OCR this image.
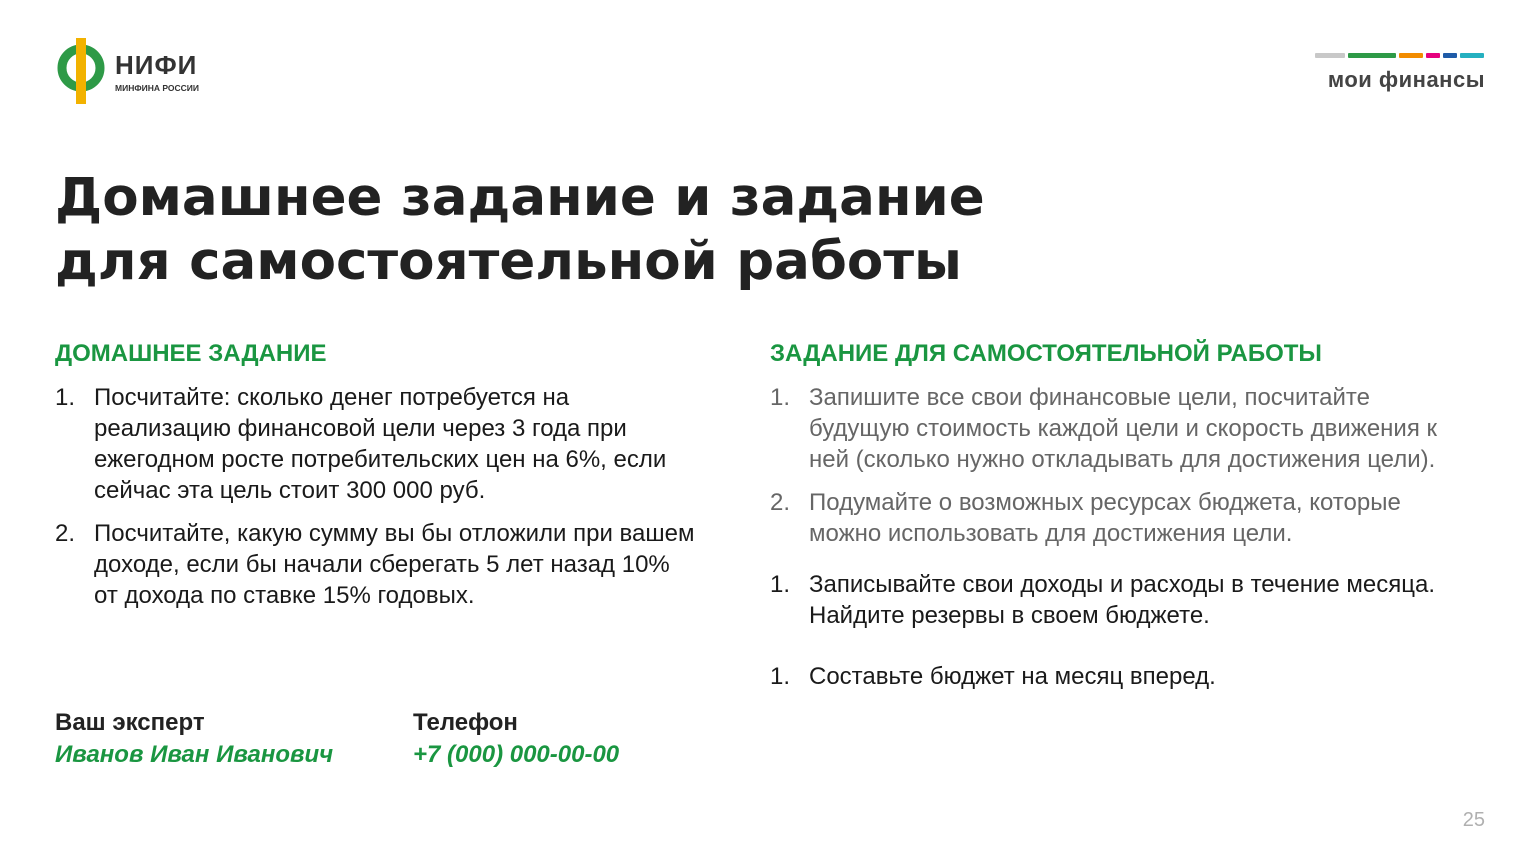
НИФИ
МИНФИНА РОССИИ	мои финансы
Домашнее задание и задание
для самостоятельной работы
ДОМАШНЕЕ ЗАДАНИЕ
1. Посчитайте: сколько денег потребуется на реализацию финансовой цели через 3 года при ежегодном росте потребительских цен на 6%, если сейчас эта цель стоит 300 000 руб.
2. Посчитайте, какую сумму вы бы отложили при вашем доходе, если бы начали сберегать 5 лет назад 10% от дохода по ставке 15% годовых.
ЗАДАНИЕ ДЛЯ САМОСТОЯТЕЛЬНОЙ РАБОТЫ
1. Запишите все свои финансовые цели, посчитайте будущую стоимость каждой цели и скорость движения к ней (сколько нужно откладывать для достижения цели).
2. Подумайте о возможных ресурсах бюджета, которые можно использовать для достижения цели.
1. Записывайте свои доходы и расходы в течение месяца. Найдите резервы в своем бюджете.
1. Составьте бюджет на месяц вперед.
Ваш эксперт
Иванов Иван Иванович
Телефон
+7 (000) 000-00-00
25
